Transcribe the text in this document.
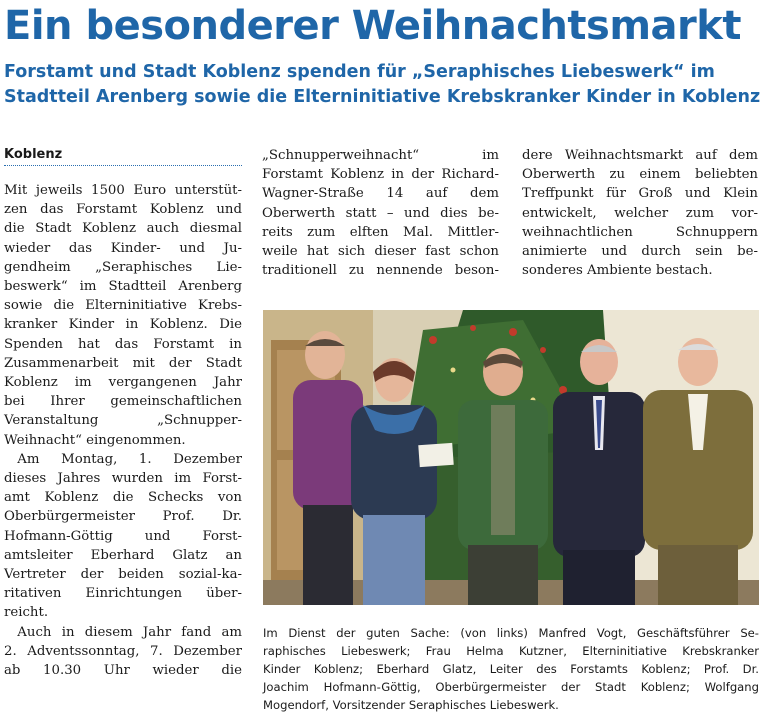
Ein besonderer Weihnachtsmarkt
Forstamt und Stadt Koblenz spenden für „Seraphisches Liebeswerk“ im
Stadtteil Arenberg sowie die Elterninitiative Krebskranker Kinder in Koblenz
Koblenz
Mit jeweils 1500 Euro unterstüt-
zen das Forstamt Koblenz und
die Stadt Koblenz auch diesmal
wieder das Kinder- und Ju-
gendheim „Seraphisches Lie-
beswerk“ im Stadtteil Arenberg
sowie die Elterninitiative Krebs-
kranker Kinder in Koblenz. Die
Spenden hat das Forstamt in
Zusammenarbeit mit der Stadt
Koblenz im vergangenen Jahr
bei Ihrer gemeinschaftlichen
Veranstaltung „Schnupper-
Weihnacht“ eingenommen.
 Am Montag, 1. Dezember
dieses Jahres wurden im Forst-
amt Koblenz die Schecks von
Oberbürgermeister Prof. Dr.
Hofmann-Göttig und Forst-
amtsleiter Eberhard Glatz an
Vertreter der beiden sozial-ka-
ritativen Einrichtungen über-
reicht.
 Auch in diesem Jahr fand am
2. Adventssonntag, 7. Dezember
ab 10.30 Uhr wieder die
„Schnupperweihnacht“ im
Forstamt Koblenz in der Richard-
Wagner-Straße 14 auf dem
Oberwerth statt – und dies be-
reits zum elften Mal. Mittler-
weile hat sich dieser fast schon
traditionell zu nennende beson-
dere Weihnachtsmarkt auf dem
Oberwerth zu einem beliebten
Treffpunkt für Groß und Klein
entwickelt, welcher zum vor-
weihnachtlichen Schnuppern
animierte und durch sein be-
sonderes Ambiente bestach.
Im Dienst der guten Sache: (von links) Manfred Vogt, Geschäftsführer Se-
raphisches Liebeswerk; Frau Helma Kutzner, Elterninitiative Krebskranker
Kinder Koblenz; Eberhard Glatz, Leiter des Forstamts Koblenz; Prof. Dr.
Joachim Hofmann-Göttig, Oberbürgermeister der Stadt Koblenz; Wolfgang
Mogendorf, Vorsitzender Seraphisches Liebeswerk.
